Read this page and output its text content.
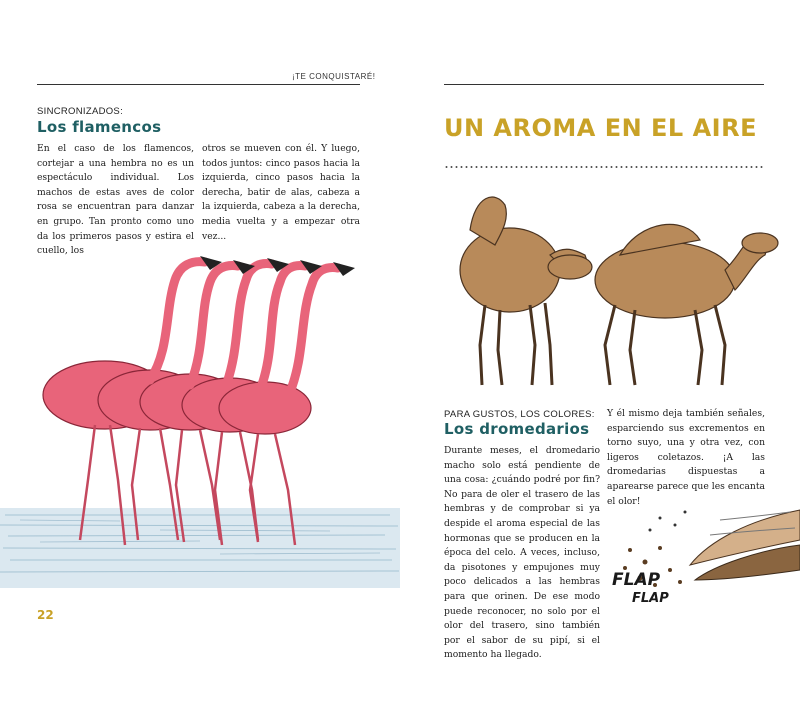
¡TE CONQUISTARÉ!
SINCRONIZADOS:
Los flamencos

En el caso de los flamencos, cortejar a una hembra no es un espectáculo individual. Los machos de estas aves de color rosa se encuentran para danzar en grupo. Tan pronto como uno da los primeros pasos y estira el cuello, los

otros se mueven con él. Y luego, todos juntos: cinco pasos hacia la izquierda, cinco pasos hacia la derecha, batir de alas, cabeza a la izquierda, cabeza a la derecha, media vuelta y a empezar otra vez...

22
UN AROMA EN EL AIRE
PARA GUSTOS, LOS COLORES:
Los dromedarios

Durante meses, el dromedario macho solo está pendiente de una cosa: ¿cuándo podré por fin? No para de oler el trasero de las hembras y de comprobar si ya despide el aroma especial de las hormonas que se producen en la época del celo. A veces, incluso, da pisotones y empujones muy poco delicados a las hembras para que orinen. De ese modo puede reconocer, no solo por el olor del trasero, sino también por el sabor de su pipí, si el momento ha llegado.

Y él mismo deja también señales, esparciendo sus excrementos en torno suyo, una y otra vez, con ligeros coletazos. ¡A las dromedarias dispuestas a aparearse parece que les encanta el olor!

FLAP
FLAP
